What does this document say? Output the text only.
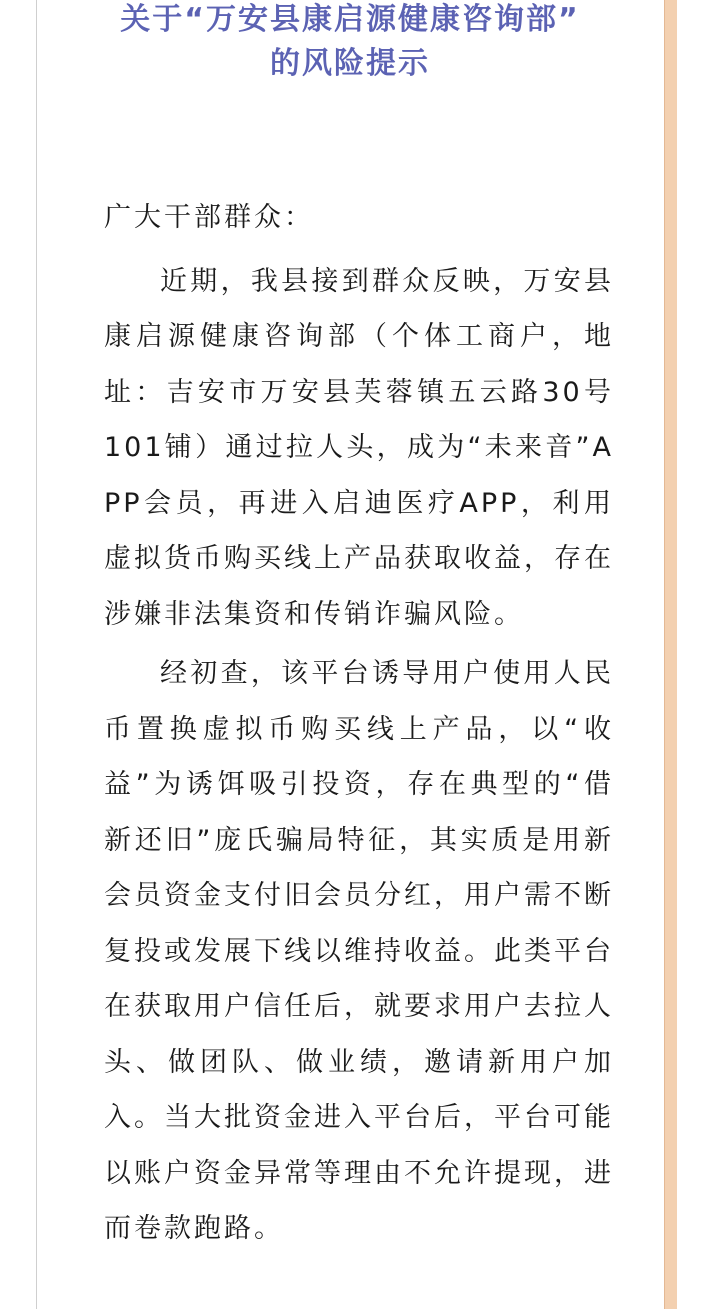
关于“万安县康启源健康咨询部”
的风险提示

广大干部群众：

近期，我县接到群众反映，万安县康启源健康咨询部（个体工商户，地址：吉安市万安县芙蓉镇五云路30号101铺）通过拉人头，成为“未来音”APP会员，再进入启迪医疗APP，利用虚拟货币购买线上产品获取收益，存在涉嫌非法集资和传销诈骗风险。

经初查，该平台诱导用户使用人民币置换虚拟币购买线上产品，以“收益”为诱饵吸引投资，存在典型的“借新还旧”庞氏骗局特征，其实质是用新会员资金支付旧会员分红，用户需不断复投或发展下线以维持收益。此类平台在获取用户信任后，就要求用户去拉人头、做团队、做业绩，邀请新用户加入。当大批资金进入平台后，平台可能以账户资金异常等理由不允许提现，进而卷款跑路。
